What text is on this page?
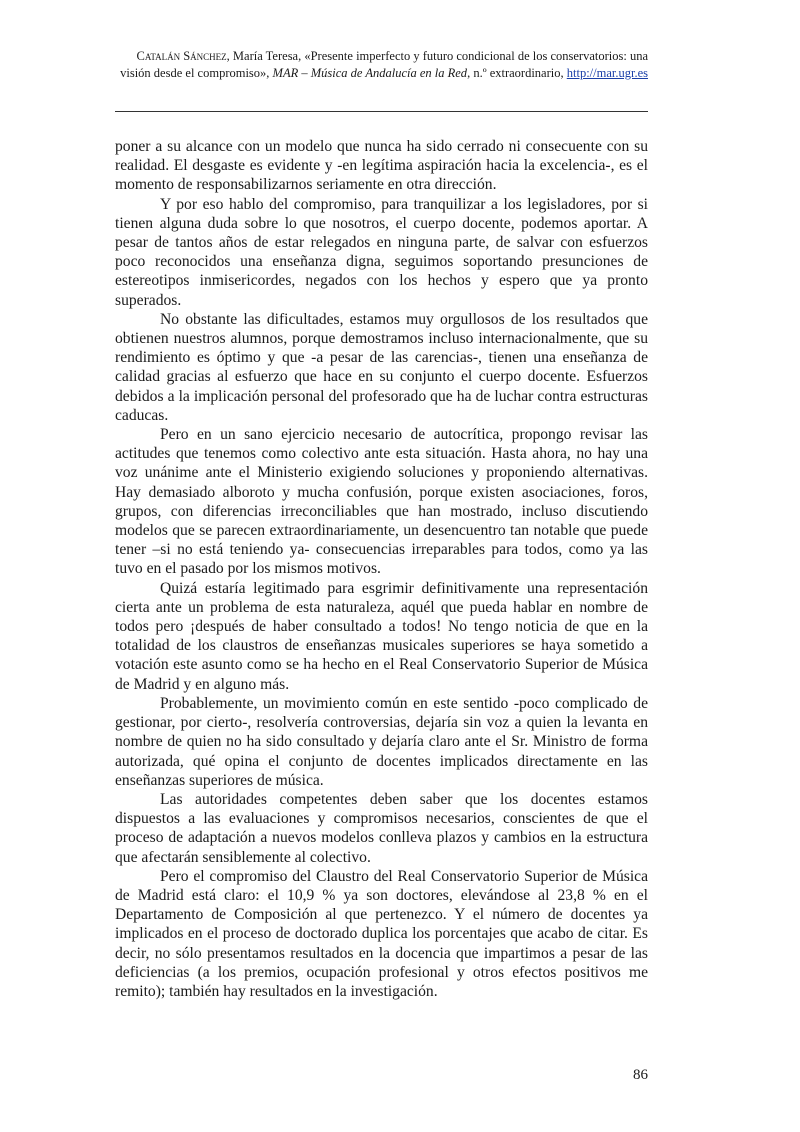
Catalán Sánchez, María Teresa, «Presente imperfecto y futuro condicional de los conservatorios: una visión desde el compromiso», MAR – Música de Andalucía en la Red, n.º extraordinario, http://mar.ugr.es

poner a su alcance con un modelo que nunca ha sido cerrado ni consecuente con su realidad. El desgaste es evidente y -en legítima aspiración hacia la excelencia-, es el momento de responsabilizarnos seriamente en otra dirección.

Y por eso hablo del compromiso, para tranquilizar a los legisladores, por si tienen alguna duda sobre lo que nosotros, el cuerpo docente, podemos aportar. A pesar de tantos años de estar relegados en ninguna parte, de salvar con esfuerzos poco reconocidos una enseñanza digna, seguimos soportando presunciones de estereotipos inmisericordes, negados con los hechos y espero que ya pronto superados.

No obstante las dificultades, estamos muy orgullosos de los resultados que obtienen nuestros alumnos, porque demostramos incluso internacionalmente, que su rendimiento es óptimo y que -a pesar de las carencias-, tienen una enseñanza de calidad gracias al esfuerzo que hace en su conjunto el cuerpo docente. Esfuerzos debidos a la implicación personal del profesorado que ha de luchar contra estructuras caducas.

Pero en un sano ejercicio necesario de autocrítica, propongo revisar las actitudes que tenemos como colectivo ante esta situación. Hasta ahora, no hay una voz unánime ante el Ministerio exigiendo soluciones y proponiendo alternativas. Hay demasiado alboroto y mucha confusión, porque existen asociaciones, foros, grupos, con diferencias irreconciliables que han mostrado, incluso discutiendo modelos que se parecen extraordinariamente, un desencuentro tan notable que puede tener –si no está teniendo ya- consecuencias irreparables para todos, como ya las tuvo en el pasado por los mismos motivos.

Quizá estaría legitimado para esgrimir definitivamente una representación cierta ante un problema de esta naturaleza, aquél que pueda hablar en nombre de todos pero ¡después de haber consultado a todos! No tengo noticia de que en la totalidad de los claustros de enseñanzas musicales superiores se haya sometido a votación este asunto como se ha hecho en el Real Conservatorio Superior de Música de Madrid y en alguno más.

Probablemente, un movimiento común en este sentido -poco complicado de gestionar, por cierto-, resolvería controversias, dejaría sin voz a quien la levanta en nombre de quien no ha sido consultado y dejaría claro ante el Sr. Ministro de forma autorizada, qué opina el conjunto de docentes implicados directamente en las enseñanzas superiores de música.

Las autoridades competentes deben saber que los docentes estamos dispuestos a las evaluaciones y compromisos necesarios, conscientes de que el proceso de adaptación a nuevos modelos conlleva plazos y cambios en la estructura que afectarán sensiblemente al colectivo.

Pero el compromiso del Claustro del Real Conservatorio Superior de Música de Madrid está claro: el 10,9 % ya son doctores, elevándose al 23,8 % en el Departamento de Composición al que pertenezco. Y el número de docentes ya implicados en el proceso de doctorado duplica los porcentajes que acabo de citar. Es decir, no sólo presentamos resultados en la docencia que impartimos a pesar de las deficiencias (a los premios, ocupación profesional y otros efectos positivos me remito); también hay resultados en la investigación.

86
